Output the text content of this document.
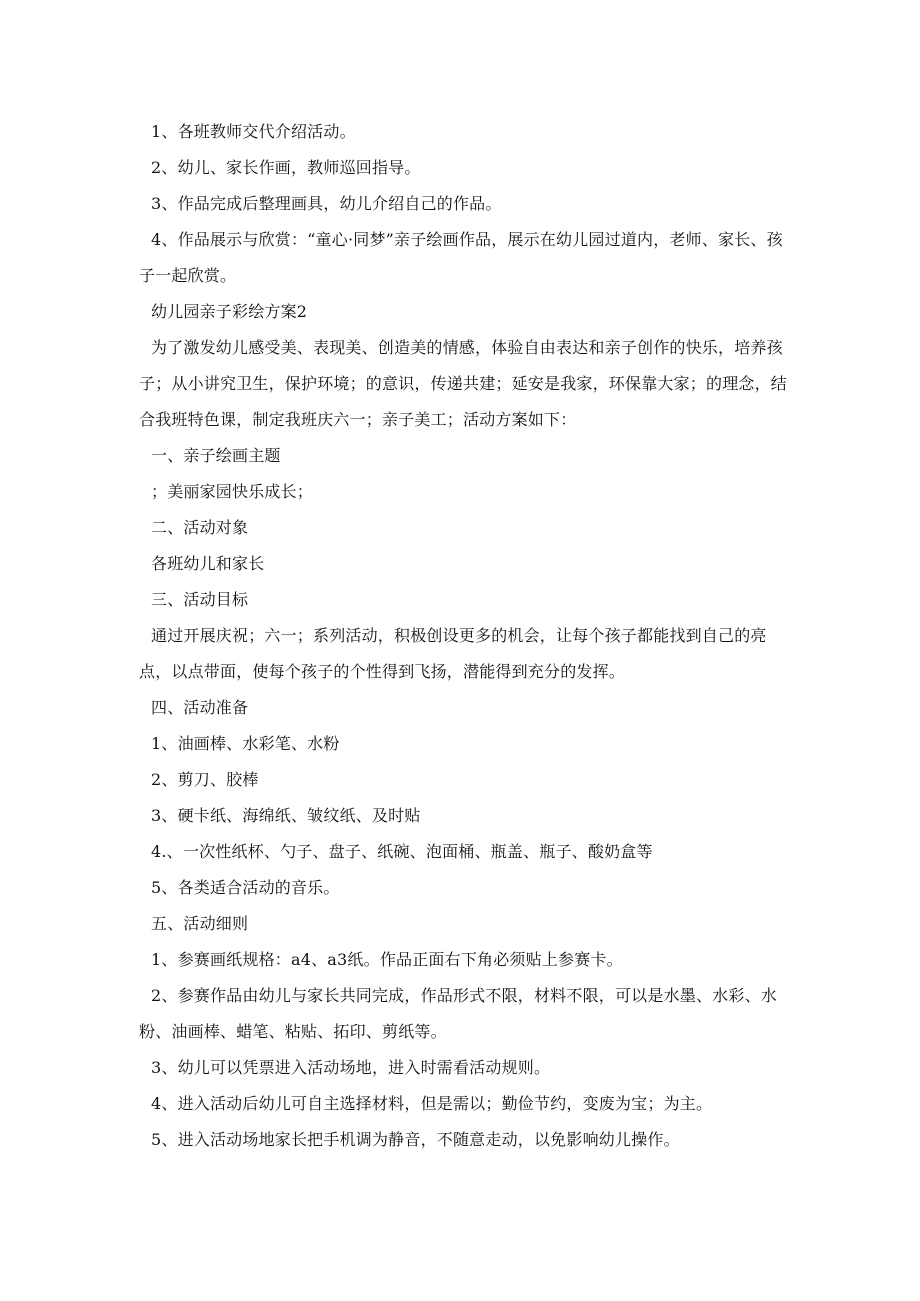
1、各班教师交代介绍活动。

2、幼儿、家长作画，教师巡回指导。

3、作品完成后整理画具，幼儿介绍自己的作品。

4、作品展示与欣赏：“童心·同梦”亲子绘画作品，展示在幼儿园过道内，老师、家长、孩子一起欣赏。

幼儿园亲子彩绘方案2

为了激发幼儿感受美、表现美、创造美的情感，体验自由表达和亲子创作的快乐，培养孩子；从小讲究卫生，保护环境；的意识，传递共建；延安是我家，环保靠大家；的理念，结合我班特色课，制定我班庆六一；亲子美工；活动方案如下：

一、亲子绘画主题

；美丽家园快乐成长；

二、活动对象

各班幼儿和家长

三、活动目标

通过开展庆祝；六一；系列活动，积极创设更多的机会，让每个孩子都能找到自己的亮点，以点带面，使每个孩子的个性得到飞扬，潜能得到充分的发挥。

四、活动准备

1、油画棒、水彩笔、水粉

2、剪刀、胶棒

3、硬卡纸、海绵纸、皱纹纸、及时贴

4.、一次性纸杯、勺子、盘子、纸碗、泡面桶、瓶盖、瓶子、酸奶盒等

5、各类适合活动的音乐。

五、活动细则

1、参赛画纸规格：a4、a3纸。作品正面右下角必须贴上参赛卡。

2、参赛作品由幼儿与家长共同完成，作品形式不限，材料不限，可以是水墨、水彩、水粉、油画棒、蜡笔、粘贴、拓印、剪纸等。

3、幼儿可以凭票进入活动场地，进入时需看活动规则。

4、进入活动后幼儿可自主选择材料，但是需以；勤俭节约，变废为宝；为主。

5、进入活动场地家长把手机调为静音，不随意走动，以免影响幼儿操作。
